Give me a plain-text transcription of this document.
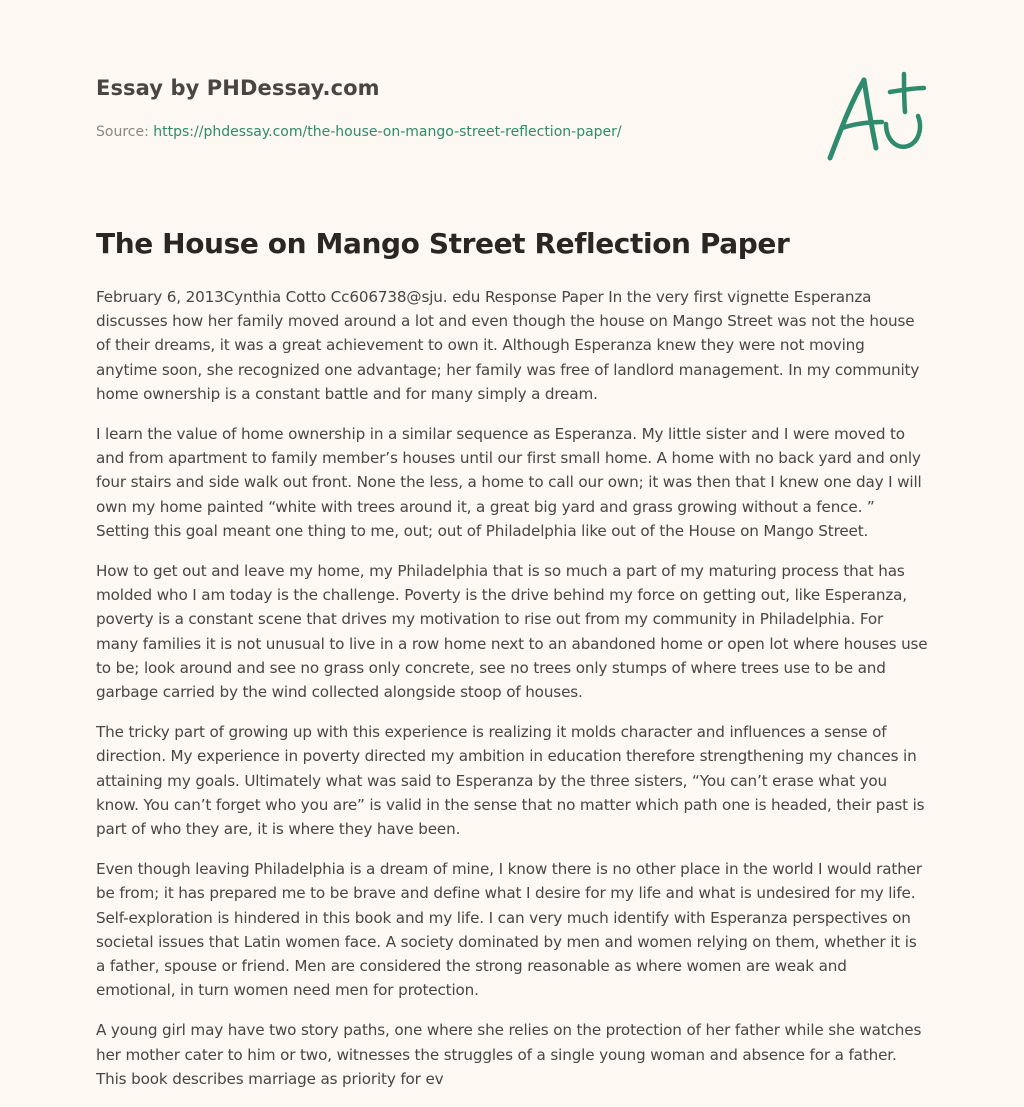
Essay by PHDessay.com
Source: https://phdessay.com/the-house-on-mango-street-reflection-paper/
The House on Mango Street Reflection Paper

February 6, 2013Cynthia Cotto Cc606738@sju. edu Response Paper In the very first vignette Esperanza discusses how her family moved around a lot and even though the house on Mango Street was not the house of their dreams, it was a great achievement to own it. Although Esperanza knew they were not moving anytime soon, she recognized one advantage; her family was free of landlord management. In my community home ownership is a constant battle and for many simply a dream.

I learn the value of home ownership in a similar sequence as Esperanza. My little sister and I were moved to and from apartment to family member’s houses until our first small home. A home with no back yard and only four stairs and side walk out front. None the less, a home to call our own; it was then that I knew one day I will own my home painted “white with trees around it, a great big yard and grass growing without a fence. ” Setting this goal meant one thing to me, out; out of Philadelphia like out of the House on Mango Street.

How to get out and leave my home, my Philadelphia that is so much a part of my maturing process that has molded who I am today is the challenge. Poverty is the drive behind my force on getting out, like Esperanza, poverty is a constant scene that drives my motivation to rise out from my community in Philadelphia. For many families it is not unusual to live in a row home next to an abandoned home or open lot where houses use to be; look around and see no grass only concrete, see no trees only stumps of where trees use to be and garbage carried by the wind collected alongside stoop of houses.

The tricky part of growing up with this experience is realizing it molds character and influences a sense of direction. My experience in poverty directed my ambition in education therefore strengthening my chances in attaining my goals. Ultimately what was said to Esperanza by the three sisters, “You can’t erase what you know. You can’t forget who you are” is valid in the sense that no matter which path one is headed, their past is part of who they are, it is where they have been.

Even though leaving Philadelphia is a dream of mine, I know there is no other place in the world I would rather be from; it has prepared me to be brave and define what I desire for my life and what is undesired for my life. Self-exploration is hindered in this book and my life. I can very much identify with Esperanza perspectives on societal issues that Latin women face. A society dominated by men and women relying on them, whether it is a father, spouse or friend. Men are considered the strong reasonable as where women are weak and emotional, in turn women need men for protection.

A young girl may have two story paths, one where she relies on the protection of her father while she watches her mother cater to him or two, witnesses the struggles of a single young woman and absence for a father. This book describes marriage as priority for ev
